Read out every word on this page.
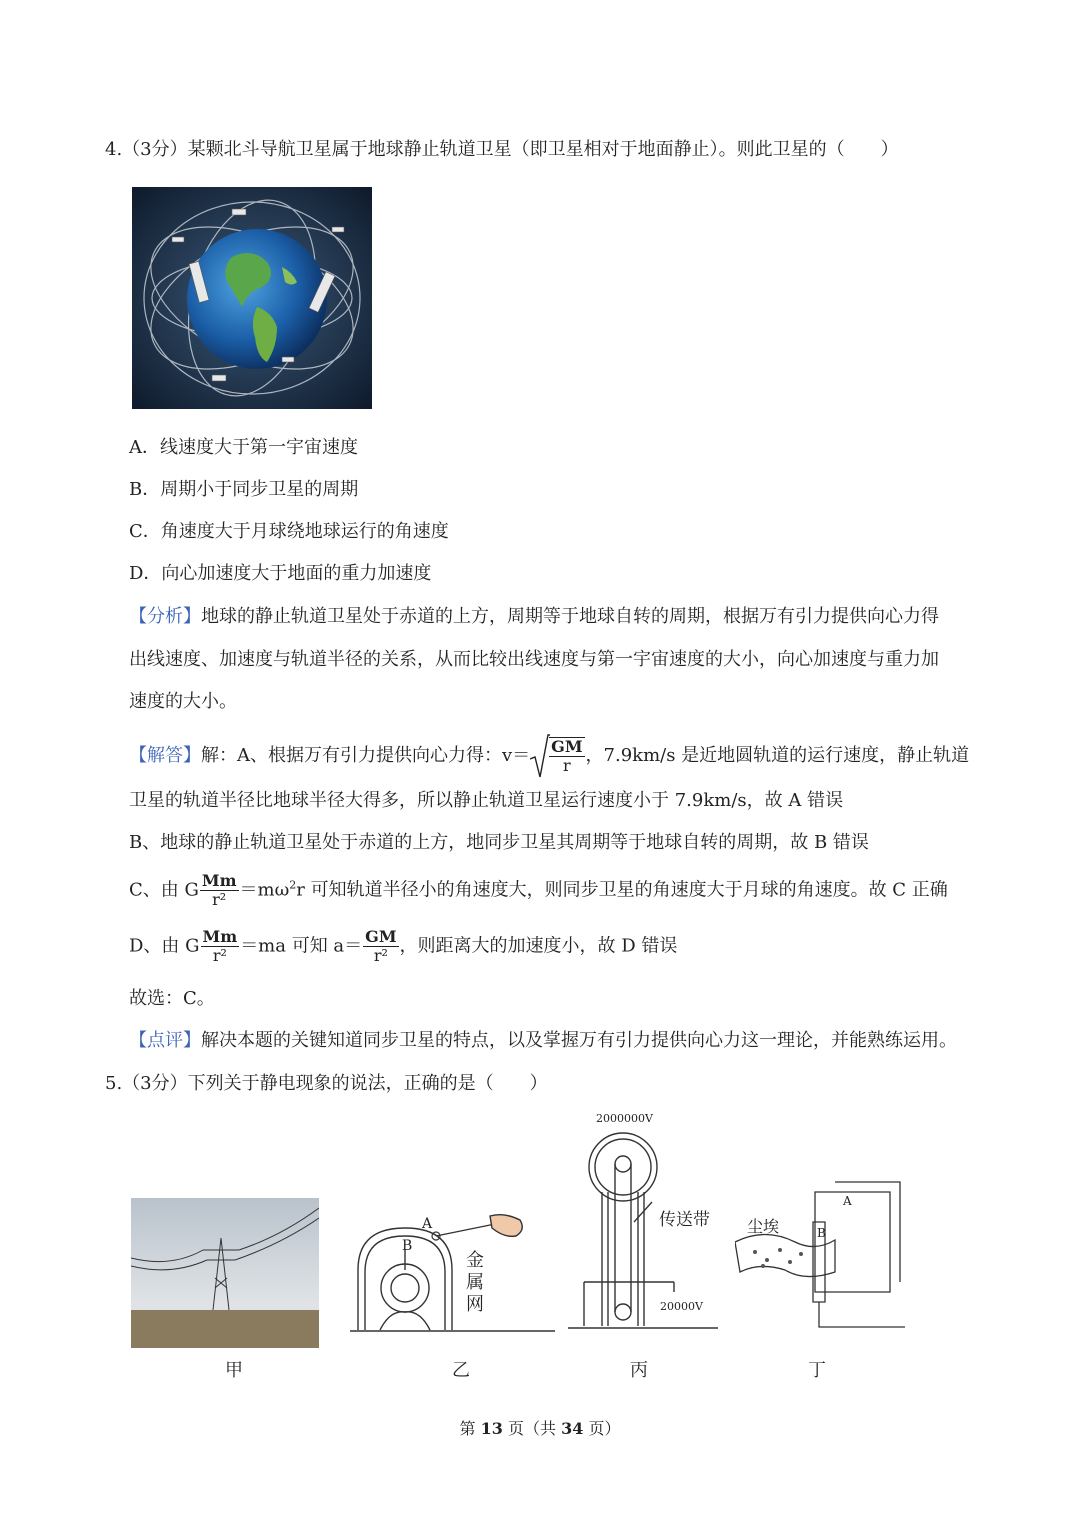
4.（3分）某颗北斗导航卫星属于地球静止轨道卫星（即卫星相对于地面静止）。则此卫星的（　　）
A．线速度大于第一宇宙速度
B．周期小于同步卫星的周期
C．角速度大于月球绕地球运行的角速度
D．向心加速度大于地面的重力加速度
【分析】地球的静止轨道卫星处于赤道的上方，周期等于地球自转的周期，根据万有引力提供向心力得
出线速度、加速度与轨道半径的关系，从而比较出线速度与第一宇宙速度的大小，向心加速度与重力加
速度的大小。
【解答】解：A、根据万有引力提供向心力得：$v= \frac{GM}{r}$ ，7.9km/s 是近地圆轨道的运行速度，静止轨道
卫星的轨道半径比地球半径大得多，所以静止轨道卫星运行速度小于 7.9km/s，故 A 错误
B、地球的静止轨道卫星处于赤道的上方，地同步卫星其周期等于地球自转的周期，故 B 错误
C、由 G $\frac{Mm}{\text{r²}} =m\omega^2r$ 可知轨道半径小的角速度大，则同步卫星的角速度大于月球的角速度。故 C 正确
D、由 G $\frac{Mm}{\text{r²}} =ma$ 可知 $a= \frac{GM}{\text{r²}}$ ，则距离大的加速度小，故 D 错误
故选：C。
【点评】解决本题的关键知道同步卫星的特点，以及掌握万有引力提供向心力这一理论，并能熟练运用。
5.（3分）下列关于静电现象的说法，正确的是（　　）
A
B
金属网
2000000V
传送带
20000V
尘埃
A
B
甲	乙	丙	丁
第 13 页（共 34 页）
